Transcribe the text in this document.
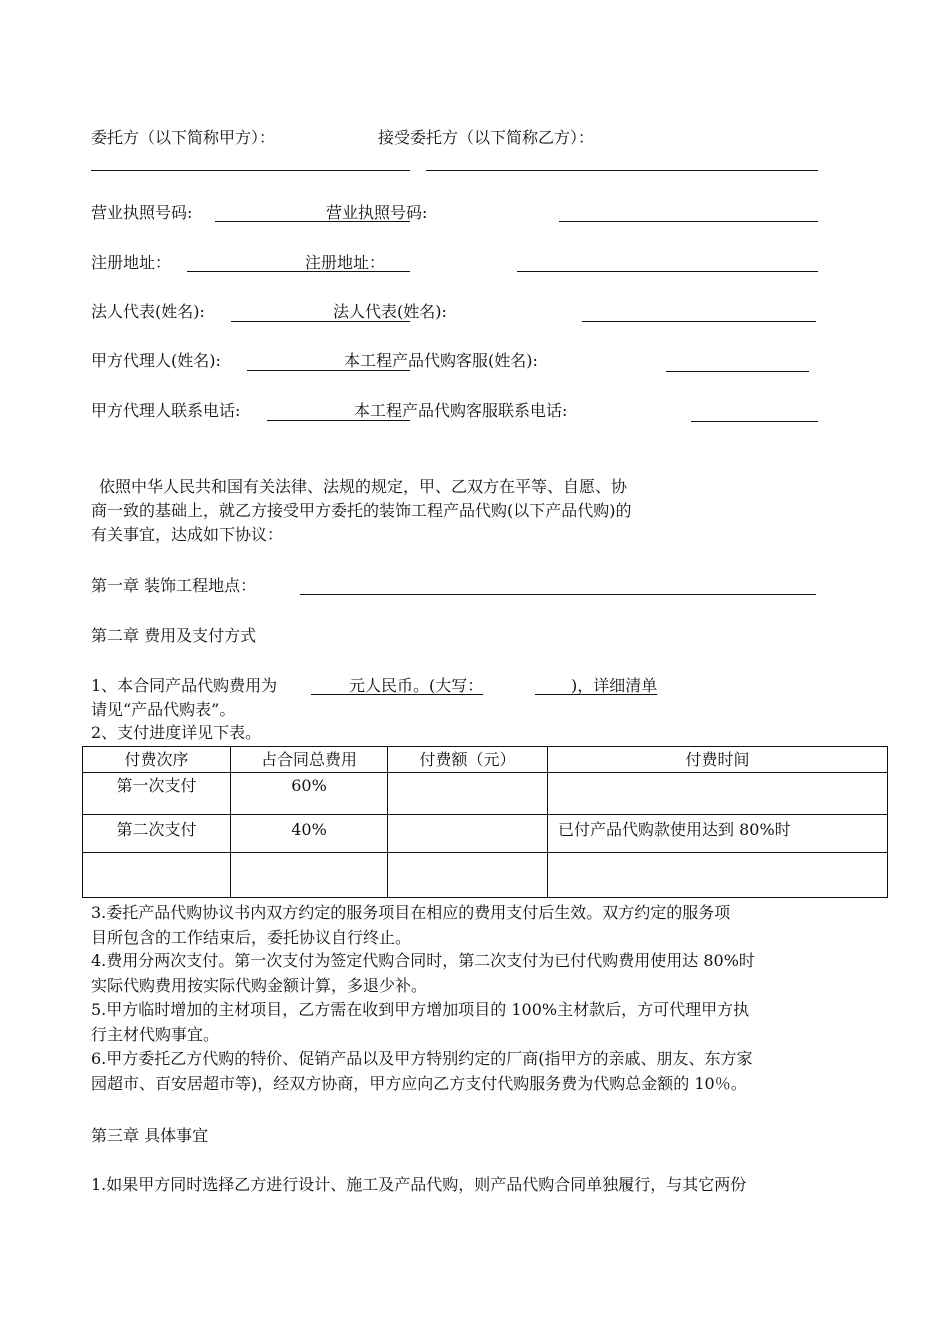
委托方（以下简称甲方）：	接受委托方（以下简称乙方）：
营业执照号码:	营业执照号码:
注册地址：	注册地址：
法人代表(姓名):	法人代表(姓名):
甲方代理人(姓名):	本工程产品代购客服(姓名):
甲方代理人联系电话:	本工程产品代购客服联系电话:
依照中华人民共和国有关法律、法规的规定，甲、乙双方在平等、自愿、协
商一致的基础上，就乙方接受甲方委托的装饰工程产品代购(以下产品代购)的
有关事宜，达成如下协议：
第一章 装饰工程地点：
第二章 费用及支付方式
1、本合同产品代购费用为	元人民币。(大写：	)，详细清单
请见“产品代购表”。
2、支付进度详见下表。
付费次序	占合同总费用	付费额（元）	付费时间
第一次支付	60%		
第二次支付	40%		已付产品代购款使用达到 80%时

3.委托产品代购协议书内双方约定的服务项目在相应的费用支付后生效。双方约定的服务项
目所包含的工作结束后，委托协议自行终止。
4.费用分两次支付。第一次支付为签定代购合同时，第二次支付为已付代购费用使用达 80%时
实际代购费用按实际代购金额计算，多退少补。
5.甲方临时增加的主材项目，乙方需在收到甲方增加项目的 100%主材款后，方可代理甲方执
行主材代购事宜。
6.甲方委托乙方代购的特价、促销产品以及甲方特别约定的厂商(指甲方的亲戚、朋友、东方家
园超市、百安居超市等)，经双方协商，甲方应向乙方支付代购服务费为代购总金额的 10％。
第三章 具体事宜
1.如果甲方同时选择乙方进行设计、施工及产品代购，则产品代购合同单独履行，与其它两份
